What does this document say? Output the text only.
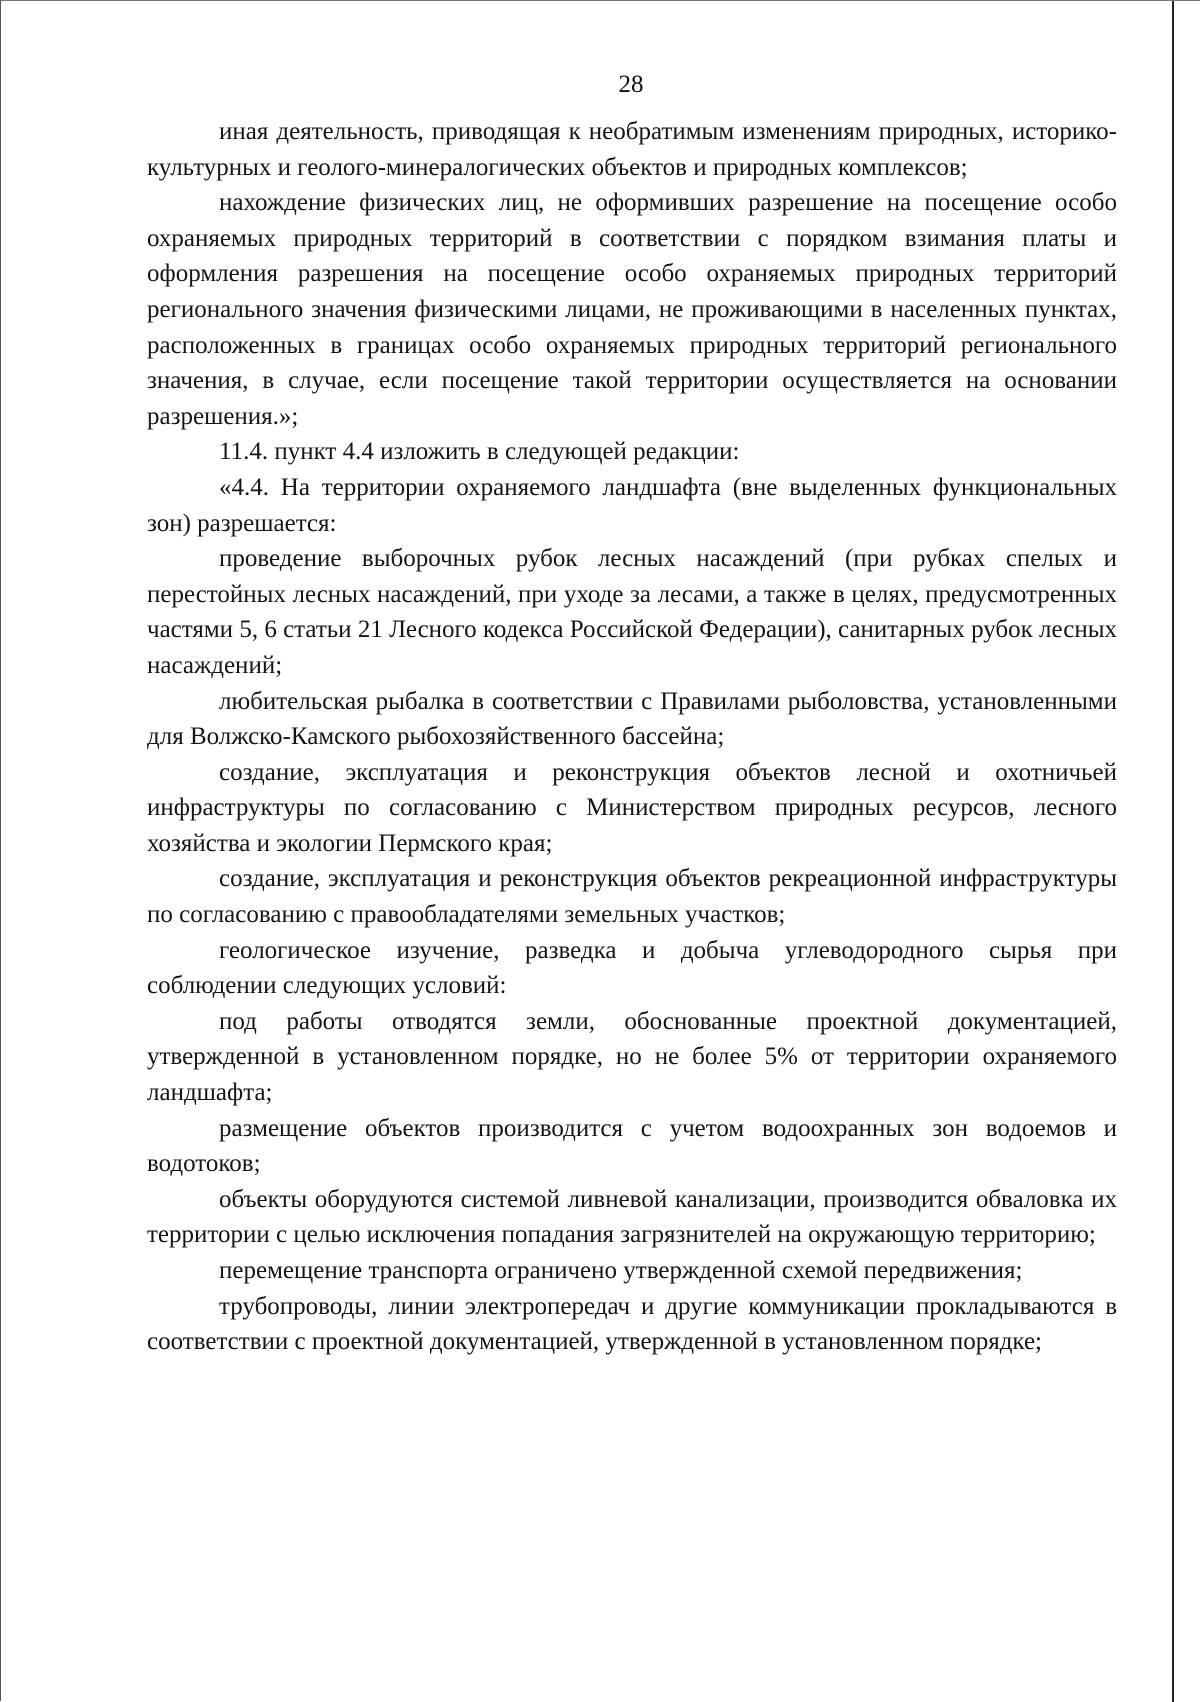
28

иная деятельность, приводящая к необратимым изменениям природных, историко-культурных и геолого-минералогических объектов и природных комплексов;

нахождение физических лиц, не оформивших разрешение на посещение особо охраняемых природных территорий в соответствии с порядком взимания платы и оформления разрешения на посещение особо охраняемых природных территорий регионального значения физическими лицами, не проживающими в населенных пунктах, расположенных в границах особо охраняемых природных территорий регионального значения, в случае, если посещение такой территории осуществляется на основании разрешения.»;

11.4. пункт 4.4 изложить в следующей редакции:

«4.4. На территории охраняемого ландшафта (вне выделенных функциональных зон) разрешается:

проведение выборочных рубок лесных насаждений (при рубках спелых и перестойных лесных насаждений, при уходе за лесами, а также в целях, предусмотренных частями 5, 6 статьи 21 Лесного кодекса Российской Федерации), санитарных рубок лесных насаждений;

любительская рыбалка в соответствии с Правилами рыболовства, установленными для Волжско-Камского рыбохозяйственного бассейна;

создание, эксплуатация и реконструкция объектов лесной и охотничьей инфраструктуры по согласованию с Министерством природных ресурсов, лесного хозяйства и экологии Пермского края;

создание, эксплуатация и реконструкция объектов рекреационной инфраструктуры по согласованию с правообладателями земельных участков;

геологическое изучение, разведка и добыча углеводородного сырья при соблюдении следующих условий:

под работы отводятся земли, обоснованные проектной документацией, утвержденной в установленном порядке, но не более 5% от территории охраняемого ландшафта;

размещение объектов производится с учетом водоохранных зон водоемов и водотоков;

объекты оборудуются системой ливневой канализации, производится обваловка их территории с целью исключения попадания загрязнителей на окружающую территорию;

перемещение транспорта ограничено утвержденной схемой передвижения;

трубопроводы, линии электропередач и другие коммуникации прокладываются в соответствии с проектной документацией, утвержденной в установленном порядке;
